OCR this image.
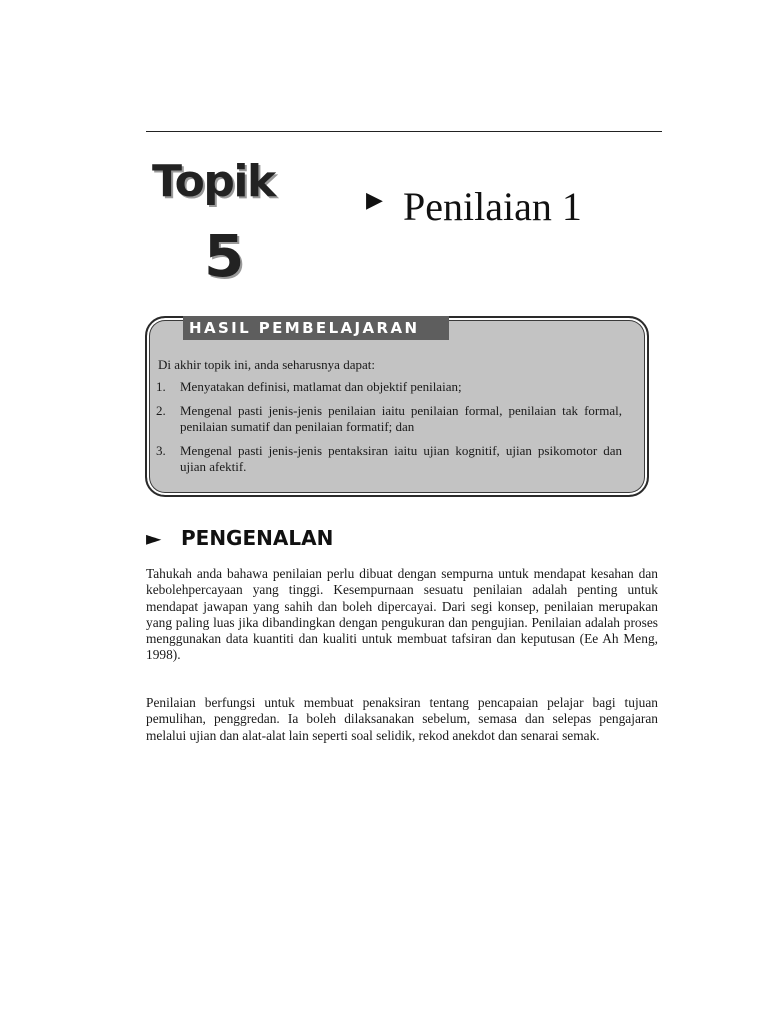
Topik
5
▶ Penilaian 1
HASIL PEMBELAJARAN
Di akhir topik ini, anda seharusnya dapat:
1.	Menyatakan definisi, matlamat dan objektif penilaian;
2.	Mengenal pasti jenis-jenis penilaian iaitu penilaian formal, penilaian tak formal, penilaian sumatif dan penilaian formatif; dan
3.	Mengenal pasti jenis-jenis pentaksiran iaitu ujian kognitif, ujian psikomotor dan ujian afektif.
► PENGENALAN

Tahukah anda bahawa penilaian perlu dibuat dengan sempurna untuk mendapat kesahan dan kebolehpercayaan yang tinggi. Kesempurnaan sesuatu penilaian adalah penting untuk mendapat jawapan yang sahih dan boleh dipercayai. Dari segi konsep, penilaian merupakan yang paling luas jika dibandingkan dengan pengukuran dan pengujian. Penilaian adalah proses menggunakan data kuantiti dan kualiti untuk membuat tafsiran dan keputusan (Ee Ah Meng, 1998).

Penilaian berfungsi untuk membuat penaksiran tentang pencapaian pelajar bagi tujuan pemulihan, penggredan. Ia boleh dilaksanakan sebelum, semasa dan selepas pengajaran melalui ujian dan alat-alat lain seperti soal selidik, rekod anekdot dan senarai semak.
